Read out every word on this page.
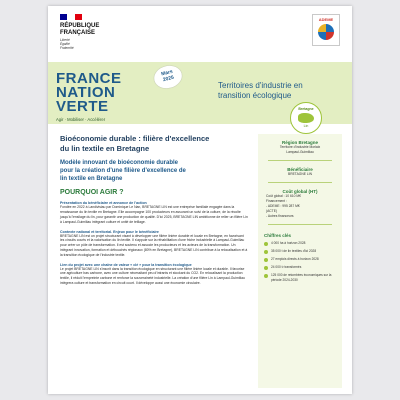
RÉPUBLIQUE
FRANÇAISE
Liberté
Égalité
Fraternité
ADEME
FRANCE
NATION
VERTE
Agir · Mobiliser · Accélérer
Mars
2025
Territoires d'industrie en
transition écologique
Bretagne
Lin
Bioéconomie durable : filière d'excellence
du lin textile en Bretagne
Modèle innovant de bioéconomie durable
pour la création d'une filière d'excellence de
lin textile en Bretagne
POURQUOI AGIR ?
Présentation du bénéficiaire et annonce de l'action
Fondée en 2022 à Landivisiau par Dominique Le Nan, BRETAGNE LIN est une entreprise familiale engagée dans la renaissance du lin textile en Bretagne. Elle accompagne 100 producteurs en assurant un suivi de la culture, de la récolte jusqu'à l'ensilage du lin, pour garantir une production de qualité. D'ici 2025, BRETAGNE LIN ambitionne de relier un filière Lin à Lampaul-Guimiliau intégrant culture et unité de teillage.
Contexte national et territorial. Enjeux pour le bénéficiaire
BRETAGNE LIN est un projet structurant visant à développer une filière linière durable et locale en Bretagne, en favorisant les circuits courts et la valorisation du lin textile. Il s'appuie sur la réhabilitation d'une friche industrielle à Lampaul-Guimiliau pour créer un pôle de transformation. Il est soutenu et associe les producteurs et les acteurs de la transformation. Un intégrant innovation, formation et débouchés régionaux (80% en Bretagne), BRETAGNE LIN contribue à la relocalisation et à la transition écologique de l'industrie textile.
Lien du projet avec une chaîne de valeur « clé » pour la transition écologique
Le projet BRETAGNE LIN s'inscrit dans la transition écologique en structurant une filière linière locale et durable. Il favorise une agriculture bas carbone, avec une culture nécessitant peu d'intrants et stockant du CO2. En relocalisant la production textile, il réduit l'empreinte carbone et renforce la souveraineté industrielle. La création d'une filière Lin à Lampaul-Guimiliau intégrera culture et transformation en circuit court. Il développe aussi une économie circulaire.
Région Bretagne
Territoire d'industrie Morlaix
Lampaul-Guimiliau
Bénéficiaire
BRETAGNE LIN
Coût global (HT)
Coût global : 10 610 M€
Financement :
- ADEME : 995 287 M€
(ACTE)
- Autres financeurs
Chiffres clés
4 000 ha à horizon 2028
35 000 t de lin textiles d'ici 2028
27 emplois directs à horizon 2028
24 000 t² transformés
125 000 de retombées économiques sur la période 2024-2030
